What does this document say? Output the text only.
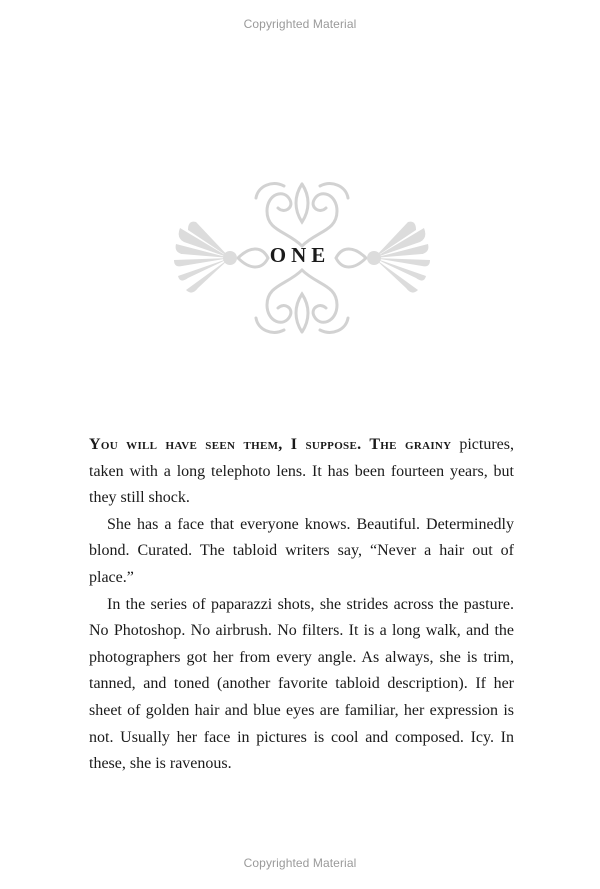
Copyrighted Material
ONE

You will have seen them, I suppose. The grainy pictures, taken with a long telephoto lens. It has been fourteen years, but they still shock.

She has a face that everyone knows. Beautiful. Determinedly blond. Curated. The tabloid writers say, “Never a hair out of place.”

In the series of paparazzi shots, she strides across the pasture. No Photoshop. No airbrush. No filters. It is a long walk, and the photographers got her from every angle. As always, she is trim, tanned, and toned (another favorite tabloid description). If her sheet of golden hair and blue eyes are familiar, her expression is not. Usually her face in pictures is cool and composed. Icy. In these, she is ravenous.

Copyrighted Material
